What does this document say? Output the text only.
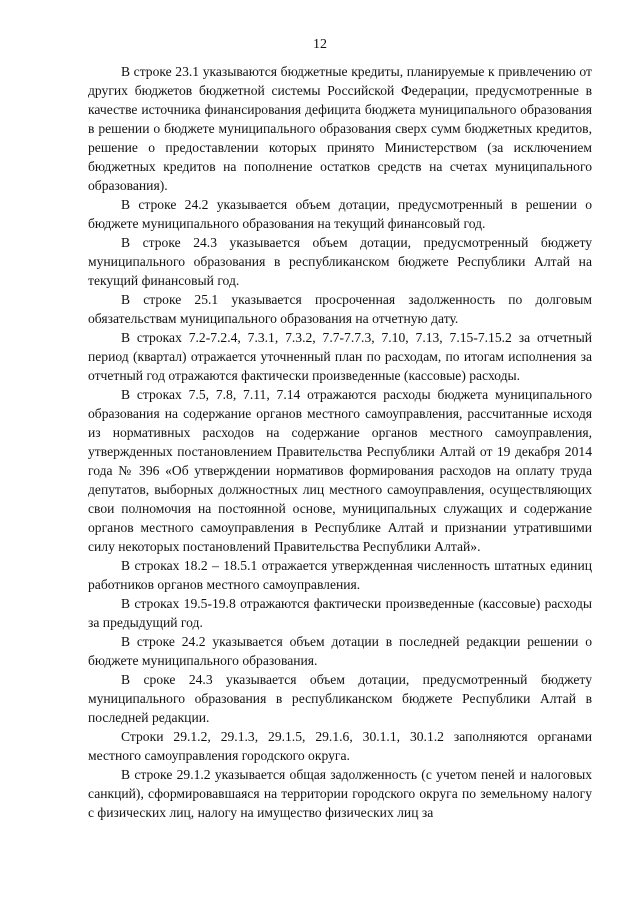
12

В строке 23.1 указываются бюджетные кредиты, планируемые к привлечению от других бюджетов бюджетной системы Российской Федерации, предусмотренные в качестве источника финансирования дефицита бюджета муниципального образования в решении о бюджете муниципального образования сверх сумм бюджетных кредитов, решение о предоставлении которых принято Министерством (за исключением бюджетных кредитов на пополнение остатков средств на счетах муниципального образования).

В строке 24.2 указывается объем дотации, предусмотренный в решении о бюджете муниципального образования на текущий финансовый год.

В строке 24.3 указывается объем дотации, предусмотренный бюджету муниципального образования в республиканском бюджете Республики Алтай на текущий финансовый год.

В строке 25.1 указывается просроченная задолженность по долговым обязательствам муниципального образования на отчетную дату.

В строках 7.2-7.2.4, 7.3.1, 7.3.2, 7.7-7.7.3, 7.10, 7.13, 7.15-7.15.2 за отчетный период (квартал) отражается уточненный план по расходам, по итогам исполнения за отчетный год отражаются фактически произведенные (кассовые) расходы.

В строках 7.5, 7.8, 7.11, 7.14 отражаются расходы бюджета муниципального образования на содержание органов местного самоуправления, рассчитанные исходя из нормативных расходов на содержание органов местного самоуправления, утвержденных постановлением Правительства Республики Алтай от 19 декабря 2014 года № 396 «Об утверждении нормативов формирования расходов на оплату труда депутатов, выборных должностных лиц местного самоуправления, осуществляющих свои полномочия на постоянной основе, муниципальных служащих и содержание органов местного самоуправления в Республике Алтай и признании утратившими силу некоторых постановлений Правительства Республики Алтай».

В строках 18.2 – 18.5.1 отражается утвержденная численность штатных единиц работников органов местного самоуправления.

В строках 19.5-19.8 отражаются фактически произведенные (кассовые) расходы за предыдущий год.

В строке 24.2 указывается объем дотации в последней редакции решении о бюджете муниципального образования.

В сроке 24.3 указывается объем дотации, предусмотренный бюджету муниципального образования в республиканском бюджете Республики Алтай в последней редакции.

Строки 29.1.2, 29.1.3, 29.1.5, 29.1.6, 30.1.1, 30.1.2 заполняются органами местного самоуправления городского округа.

В строке 29.1.2 указывается общая задолженность (с учетом пеней и налоговых санкций), сформировавшаяся на территории городского округа по земельному налогу с физических лиц, налогу на имущество физических лиц за
